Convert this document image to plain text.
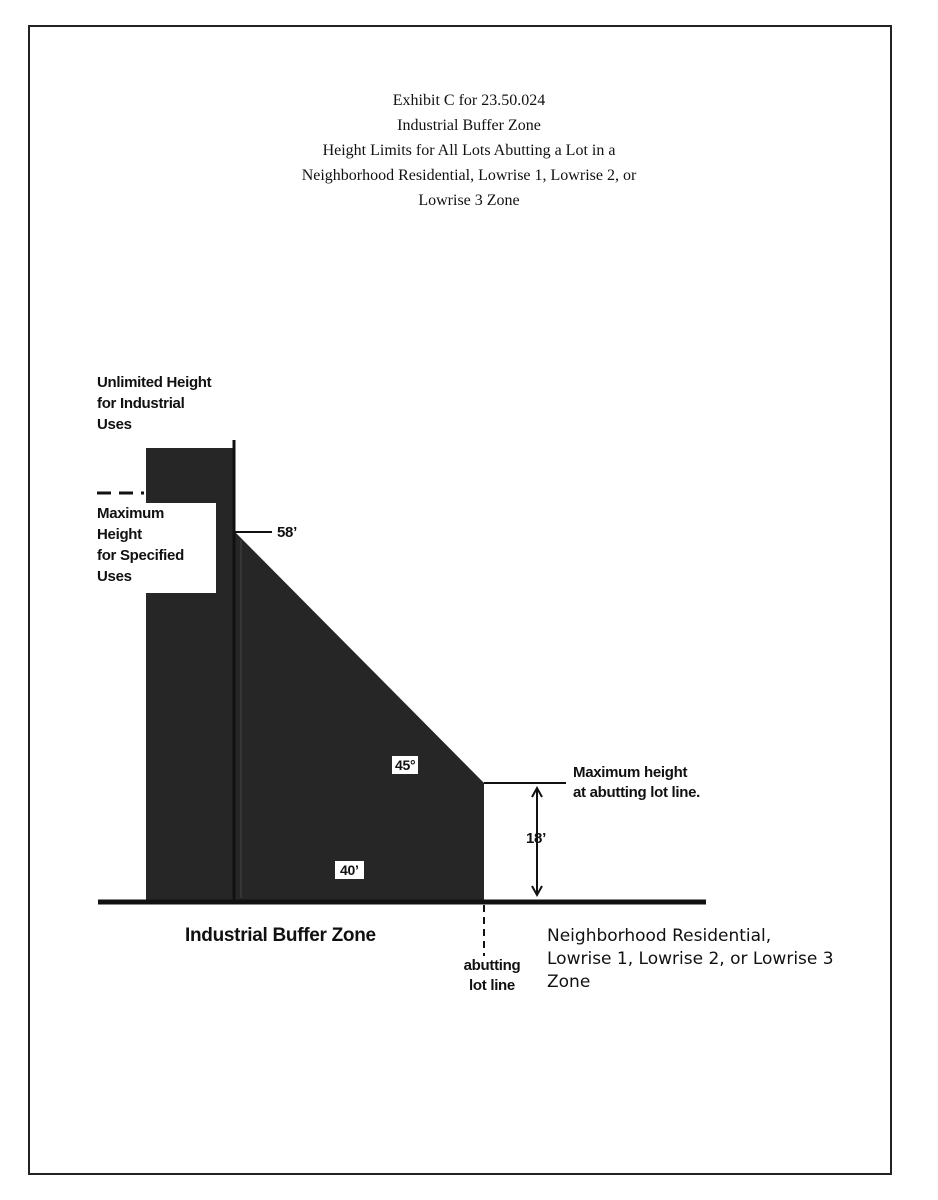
Exhibit C for 23.50.024
Industrial Buffer Zone
Height Limits for All Lots Abutting a Lot in a
Neighborhood Residential, Lowrise 1, Lowrise 2, or
Lowrise 3 Zone
Unlimited Height
for Industrial
Uses
Maximum
Height
for Specified
Uses
58’
45°
40’
18’
Maximum height
at abutting lot line.
Industrial Buffer Zone
abutting
lot line
Neighborhood Residential,
Lowrise 1, Lowrise 2, or Lowrise 3
Zone
